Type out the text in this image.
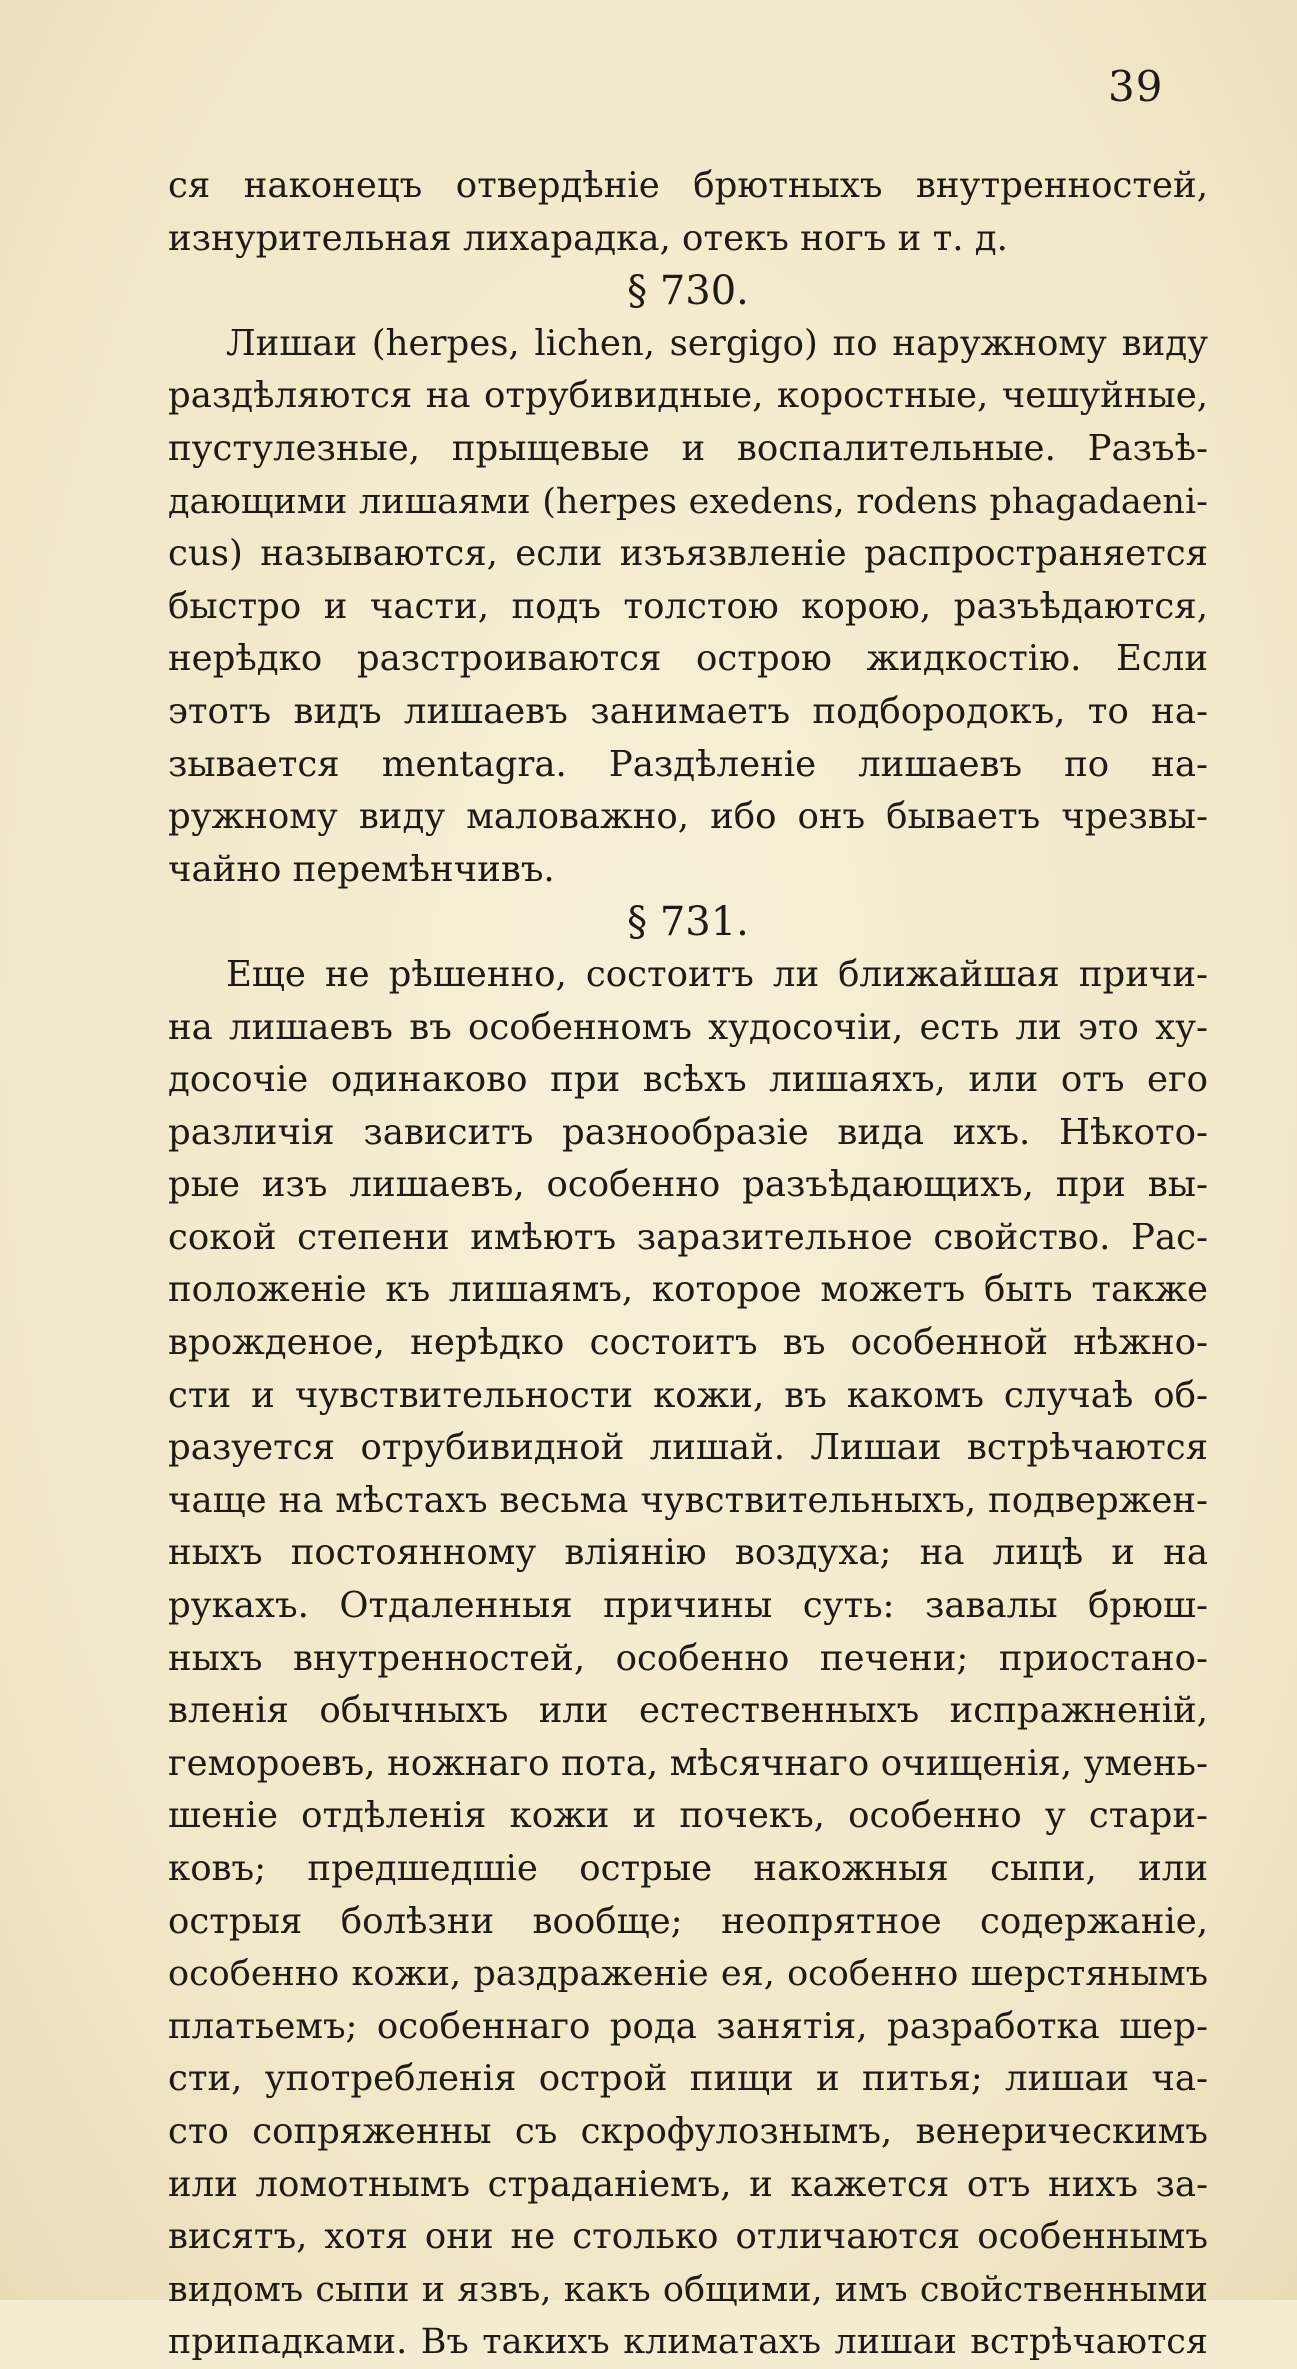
39
ся наконецъ отвердѣніе брютныхъ внутренностей,
изнурительная лихарадка, отекъ ногъ и т. д.
§ 730.
Лишаи (herpes, lichen, sergigo) по наружному виду
раздѣляются на отрубивидные, коростные, чешуйные,
пустулезные, прыщевые и воспалительные. Разъѣ-
дающими лишаями (herpes exedens, rodens phagadaeni-
cus) называются, если изъязвленіе распространяется
быстро и части, подъ толстою корою, разъѣдаются,
нерѣдко разстроиваются острою жидкостію. Если
этотъ видъ лишаевъ занимаетъ подбородокъ, то на-
зывается mentagra. Раздѣленіе лишаевъ по на-
ружному виду маловажно, ибо онъ бываетъ чрезвы-
чайно перемѣнчивъ.
§ 731.
Еще не рѣшенно, состоитъ ли ближайшая причи-
на лишаевъ въ особенномъ худосочіи, есть ли это ху-
досочіе одинаково при всѣхъ лишаяхъ, или отъ его
различія зависитъ разнообразіе вида ихъ. Нѣкото-
рые изъ лишаевъ, особенно разъѣдающихъ, при вы-
сокой степени имѣютъ заразительное свойство. Рас-
положеніе къ лишаямъ, которое можетъ быть также
врожденое, нерѣдко состоитъ въ особенной нѣжно-
сти и чувствительности кожи, въ какомъ случаѣ об-
разуется отрубивидной лишай. Лишаи встрѣчаются
чаще на мѣстахъ весьма чувствительныхъ, подвержен-
ныхъ постоянному вліянію воздуха; на лицѣ и на
рукахъ. Отдаленныя причины суть: завалы брюш-
ныхъ внутренностей, особенно печени; приостано-
вленія обычныхъ или естественныхъ испражненій,
гемороевъ, ножнаго пота, мѣсячнаго очищенія, умень-
шеніе отдѣленія кожи и почекъ, особенно у стари-
ковъ; предшедшіе острые накожныя сыпи, или
острыя болѣзни вообще; неопрятное содержаніе,
особенно кожи, раздраженіе ея, особенно шерстянымъ
платьемъ; особеннаго рода занятія, разработка шер-
сти, употребленія острой пищи и питья; лишаи ча-
сто сопряженны съ скрофулознымъ, венерическимъ
или ломотнымъ страданіемъ, и кажется отъ нихъ за-
висятъ, хотя они не столько отличаются особеннымъ
видомъ сыпи и язвъ, какъ общими, имъ свойственными
припадками. Въ такихъ климатахъ лишаи встрѣчаются
